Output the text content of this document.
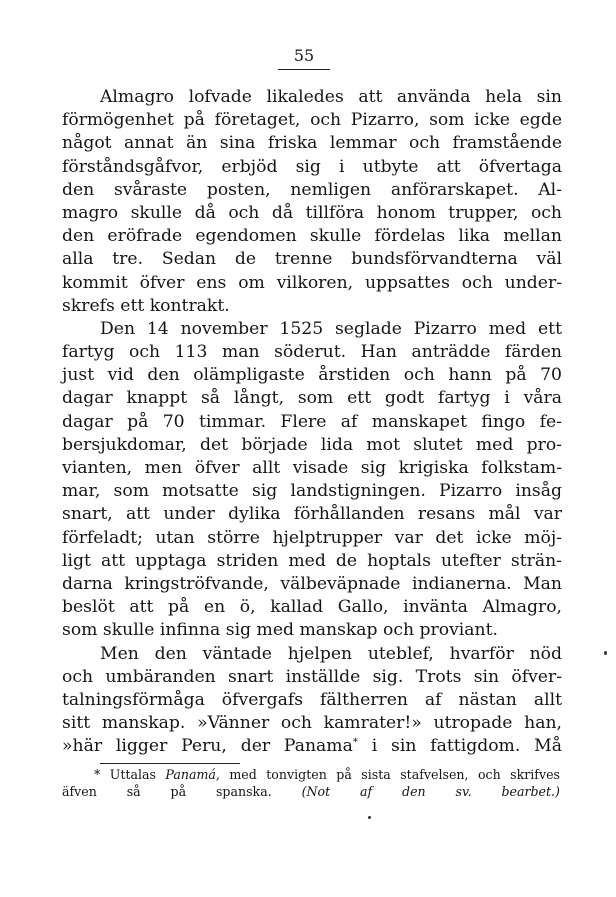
55
Almagro lofvade likaledes att använda hela sin
förmögenhet på företaget, och Pizarro, som icke egde
något annat än sina friska lemmar och framstående
förståndsgåfvor, erbjöd sig i utbyte att öfvertaga
den svåraste posten, nemligen anförarskapet. Al-
magro skulle då och då tillföra honom trupper, och
den eröfrade egendomen skulle fördelas lika mellan
alla tre. Sedan de trenne bundsförvandterna väl
kommit öfver ens om vilkoren, uppsattes och under-
skrefs ett kontrakt.
Den 14 november 1525 seglade Pizarro med ett
fartyg och 113 man söderut. Han anträdde färden
just vid den olämpligaste årstiden och hann på 70
dagar knappt så långt, som ett godt fartyg i våra
dagar på 70 timmar. Flere af manskapet fingo fe-
bersjukdomar, det började lida mot slutet med pro-
vianten, men öfver allt visade sig krigiska folkstam-
mar, som motsatte sig landstigningen. Pizarro insåg
snart, att under dylika förhållanden resans mål var
förfeladt; utan större hjelptrupper var det icke möj-
ligt att upptaga striden med de hoptals utefter strän-
darna kringströfvande, välbeväpnade indianerna. Man
beslöt att på en ö, kallad Gallo, invänta Almagro,
som skulle infinna sig med manskap och proviant.
Men den väntade hjelpen uteblef, hvarför nöd
och umbäranden snart inställde sig. Trots sin öfver-
talningsförmåga öfvergafs fältherren af nästan allt
sitt manskap. »Vänner och kamrater!» utropade han,
»här ligger Peru, der Panama* i sin fattigdom. Må
* Uttalas Panamá, med tonvigten på sista stafvelsen, och skrifves
äfven så på spanska. (Not af den sv. bearbet.)
